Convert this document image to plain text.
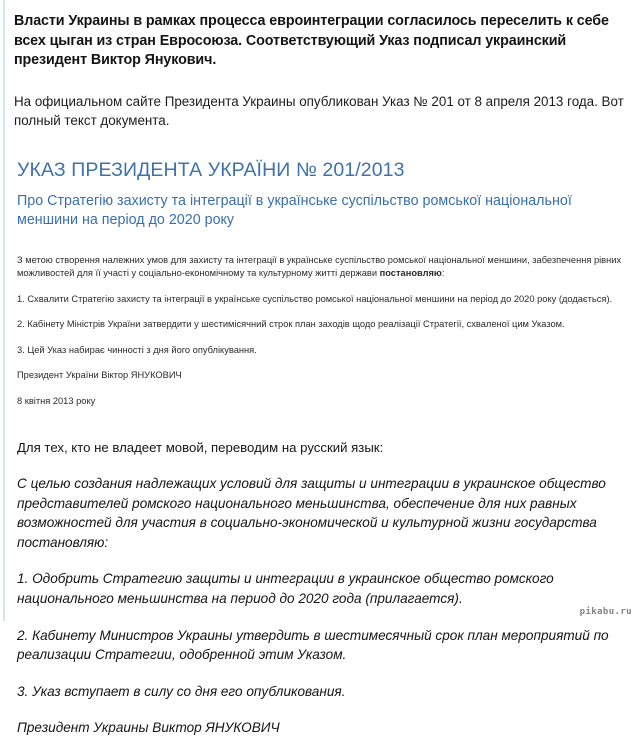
Власти Украины в рамках процесса евроинтеграции согласилось переселить к себе всех цыган из стран Евросоюза. Соответствующий Указ подписал украинский президент Виктор Янукович.

На официальном сайте Президента Украины опубликован Указ № 201 от 8 апреля 2013 года. Вот полный текст документа.

УКАЗ ПРЕЗИДЕНТА УКРАЇНИ № 201/2013
Про Стратегію захисту та інтеграції в українське суспільство ромської національної меншини на період до 2020 року

З метою створення належних умов для захисту та інтеграції в українське суспільство ромської національної меншини, забезпечення рівних можливостей для її участі у соціально-економічному та культурному житті держави постановляю:

1. Схвалити Стратегію захисту та інтеграції в українське суспільство ромської національної меншини на період до 2020 року (додається).

2. Кабінету Міністрів України затвердити у шестимісячний строк план заходів щодо реалізації Стратегії, схваленої цим Указом.

3. Цей Указ набирає чинності з дня його опублікування.

Президент України Віктор ЯНУКОВИЧ

8 квітня 2013 року

Для тех, кто не владеет мовой, переводим на русский язык:

С целью создания надлежащих условий для защиты и интеграции в украинское общество представителей ромского национального меньшинства, обеспечение для них равных возможностей для участия в социально-экономической и культурной жизни государства постановляю:

1. Одобрить Стратегию защиты и интеграции в украинское общество ромского национального меньшинства на период до 2020 года (прилагается).

2. Кабинету Министров Украины утвердить в шестимесячный срок план мероприятий по реализации Стратегии, одобренной этим Указом.

3. Указ вступает в силу со дня его опубликования.

Президент Украины Виктор ЯНУКОВИЧ

pikabu.ru
